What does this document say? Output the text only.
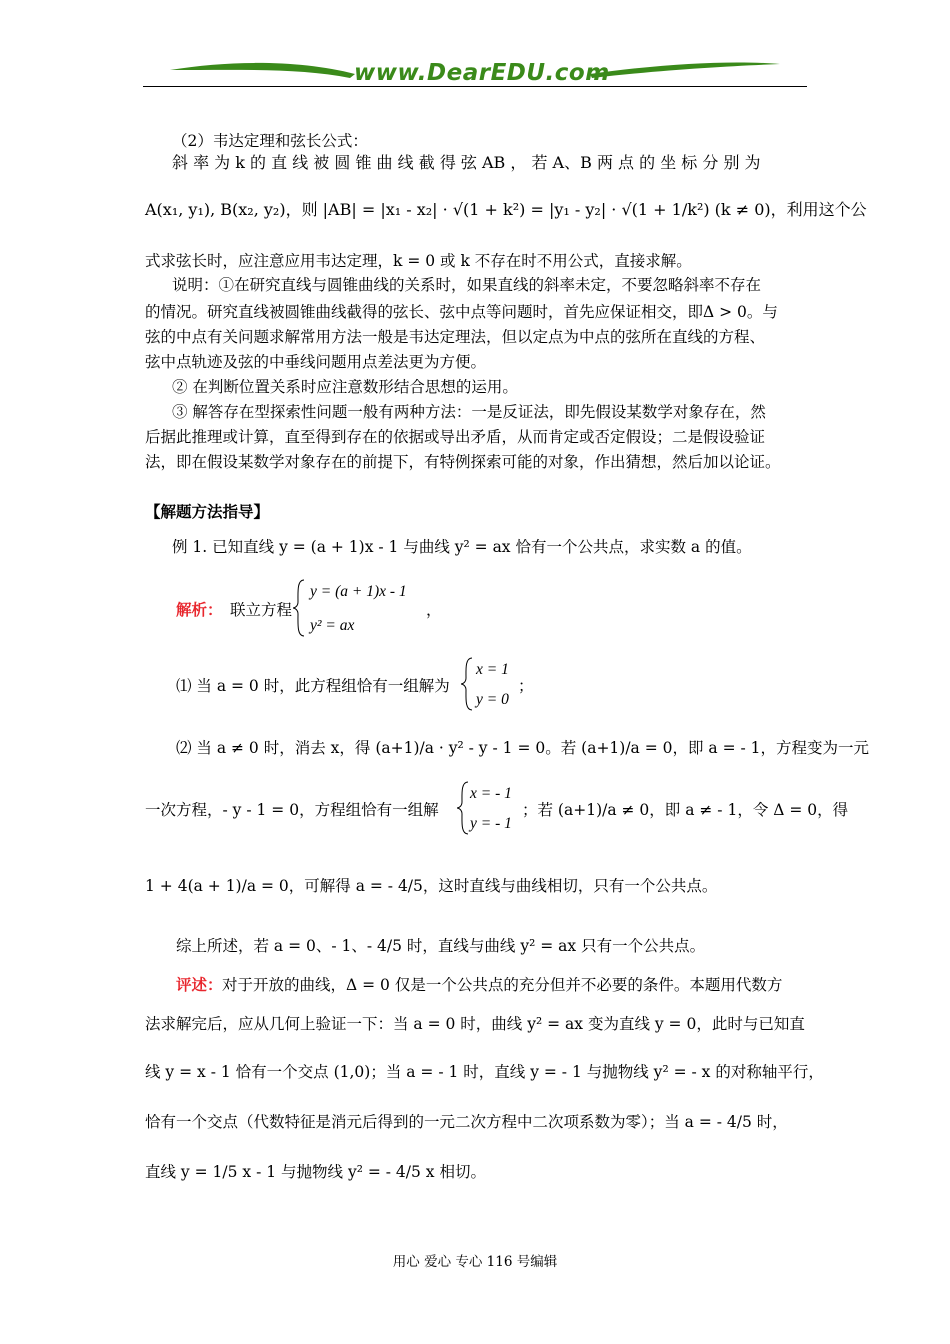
www.DearEDU.com
（2）韦达定理和弦长公式：
斜 率 为 k 的 直 线 被 圆 锥 曲 线 截 得 弦 AB ， 若 A、B 两 点 的 坐 标 分 别 为
A(x₁, y₁), B(x₂, y₂)，则 |AB| = |x₁ - x₂| · √(1 + k²) = |y₁ - y₂| · √(1 + 1/k²) (k ≠ 0)，利用这个公
式求弦长时，应注意应用韦达定理，k = 0 或 k 不存在时不用公式，直接求解。
说明：①在研究直线与圆锥曲线的关系时，如果直线的斜率未定，不要忽略斜率不存在
的情况。研究直线被圆锥曲线截得的弦长、弦中点等问题时，首先应保证相交，即Δ > 0。与
弦的中点有关问题求解常用方法一般是韦达定理法，但以定点为中点的弦所在直线的方程、
弦中点轨迹及弦的中垂线问题用点差法更为方便。
② 在判断位置关系时应注意数形结合思想的运用。
③ 解答存在型探索性问题一般有两种方法：一是反证法，即先假设某数学对象存在，然
后据此推理或计算，直至得到存在的依据或导出矛盾，从而肯定或否定假设；二是假设验证
法，即在假设某数学对象存在的前提下，有特例探索可能的对象，作出猜想，然后加以论证。
【解题方法指导】
例 1. 已知直线 y = (a + 1)x - 1 与曲线 y² = ax 恰有一个公共点，求实数 a 的值。
解析： 联立方程
y = (a + 1)x - 1
y² = ax
，
⑴ 当 a = 0 时，此方程组恰有一组解为
x = 1
y = 0
；
⑵ 当 a ≠ 0 时，消去 x，得 (a+1)/a · y² - y - 1 = 0。若 (a+1)/a = 0，即 a = - 1，方程变为一元
一次方程，- y - 1 = 0，方程组恰有一组解
x = - 1
y = - 1
；若 (a+1)/a ≠ 0，即 a ≠ - 1，令 Δ = 0，得
1 + 4(a + 1)/a = 0，可解得 a = - 4/5，这时直线与曲线相切，只有一个公共点。
综上所述，若 a = 0、- 1、- 4/5 时，直线与曲线 y² = ax 只有一个公共点。
评述： 对于开放的曲线，Δ = 0 仅是一个公共点的充分但并不必要的条件。本题用代数方
法求解完后，应从几何上验证一下：当 a = 0 时，曲线 y² = ax 变为直线 y = 0，此时与已知直
线 y = x - 1 恰有一个交点 (1,0)；当 a = - 1 时，直线 y = - 1 与抛物线 y² = - x 的对称轴平行，
恰有一个交点（代数特征是消元后得到的一元二次方程中二次项系数为零）；当 a = - 4/5 时，
直线 y = 1/5 x - 1 与抛物线 y² = - 4/5 x 相切。
用心 爱心 专心 116 号编辑
